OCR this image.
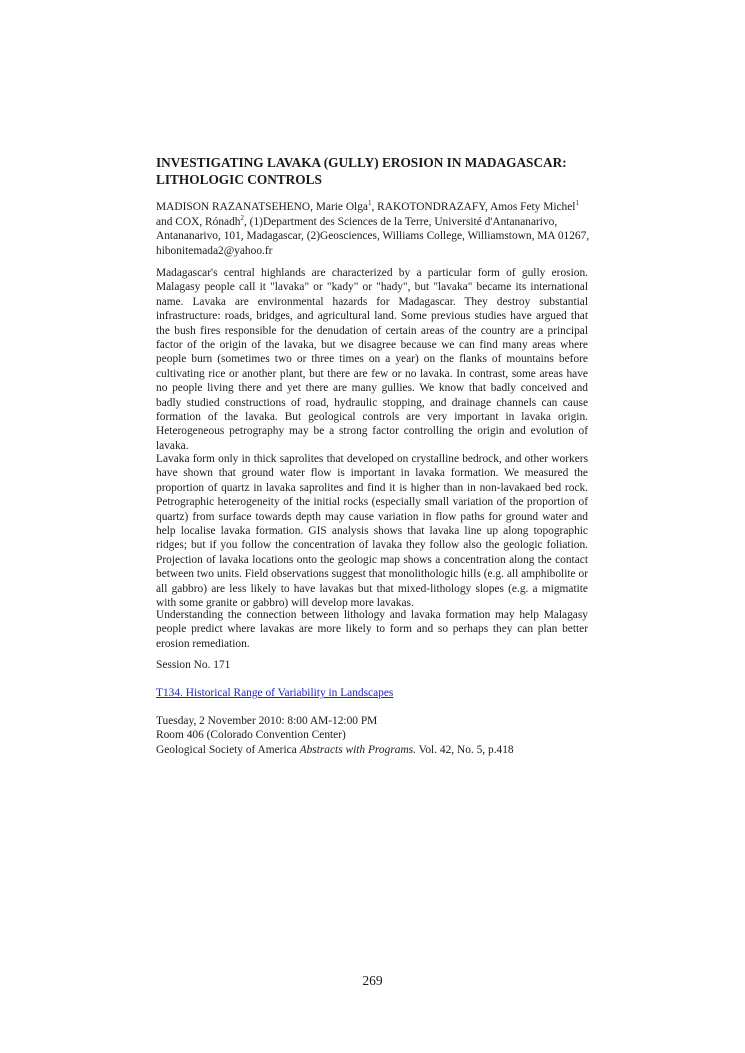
INVESTIGATING LAVAKA (GULLY) EROSION IN MADAGASCAR: LITHOLOGIC CONTROLS

MADISON RAZANATSEHENO, Marie Olga$^1$, RAKOTONDRAZAFY, Amos Fety Michel$^1$ and COX, Rónadh$^2$, (1)Department des Sciences de la Terre, Université d'Antananarivo, Antananarivo, 101, Madagascar, (2)Geosciences, Williams College, Williamstown, MA 01267, hibonitemada2@yahoo.fr

Madagascar's central highlands are characterized by a particular form of gully erosion. Malagasy people call it "lavaka" or "kady" or "hady", but "lavaka" became its international name. Lavaka are environmental hazards for Madagascar. They destroy substantial infrastructure: roads, bridges, and agricultural land. Some previous studies have argued that the bush fires responsible for the denudation of certain areas of the country are a principal factor of the origin of the lavaka, but we disagree because we can find many areas where people burn (sometimes two or three times on a year) on the flanks of mountains before cultivating rice or another plant, but there are few or no lavaka. In contrast, some areas have no people living there and yet there are many gullies. We know that badly conceived and badly studied constructions of road, hydraulic stopping, and drainage channels can cause formation of the lavaka. But geological controls are very important in lavaka origin. Heterogeneous petrography may be a strong factor controlling the origin and evolution of lavaka.

Lavaka form only in thick saprolites that developed on crystalline bedrock, and other workers have shown that ground water flow is important in lavaka formation. We measured the proportion of quartz in lavaka saprolites and find it is higher than in non-lavakaed bed rock. Petrographic heterogeneity of the initial rocks (especially small variation of the proportion of quartz) from surface towards depth may cause variation in flow paths for ground water and help localise lavaka formation. GIS analysis shows that lavaka line up along topographic ridges; but if you follow the concentration of lavaka they follow also the geologic foliation. Projection of lavaka locations onto the geologic map shows a concentration along the contact between two units. Field observations suggest that monolithologic hills (e.g. all amphibolite or all gabbro) are less likely to have lavakas but that mixed-lithology slopes (e.g. a migmatite with some granite or gabbro) will develop more lavakas.

Understanding the connection between lithology and lavaka formation may help Malagasy people predict where lavakas are more likely to form and so perhaps they can plan better erosion remediation.

Session No. 171

T134. Historical Range of Variability in Landscapes
Tuesday, 2 November 2010: 8:00 AM-12:00 PM
Room 406 (Colorado Convention Center)
Geological Society of America Abstracts with Programs. Vol. 42, No. 5, p.418
269
